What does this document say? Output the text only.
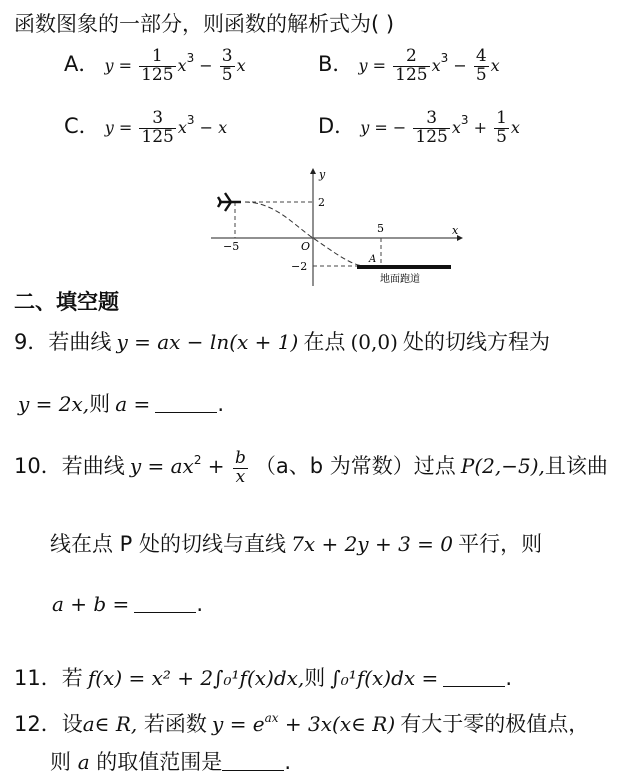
函数图象的一部分，则函数的解析式为( )
A． $y = \frac{1}{125} x^3 - \frac{3}{5}$ x	B． $y = \frac{2}{125} x^3 - \frac{4}{5}$ x
C． $y = \frac{3}{125} x^3 - x$	D． y = − $\frac{3}{125} x^3 + \frac{1}{5}$ x
2
−2
−5
5
O
y
x
A
地面跑道
二、填空题
9．若曲线 y = ax − ln(x + 1) 在点 (0,0) 处的切线方程为
y = 2x,则 a =	.
10．若曲线 $y = ax^2 + \frac{b}{x} (a$、b 为常数）过点 P(2,−5),且该曲
线在点 P 处的切线与直线 7x + 2y + 3 = 0 平行，则
a + b =	.
11．若 f(x) = x² + 2∫₀¹f(x)dx,则 ∫₀¹f(x)dx =	.
12．设a∈ R, 若函数 $y = e^{ax}$ + 3x(x∈ R) 有大于零的极值点，
则 a 的取值范围是	.
